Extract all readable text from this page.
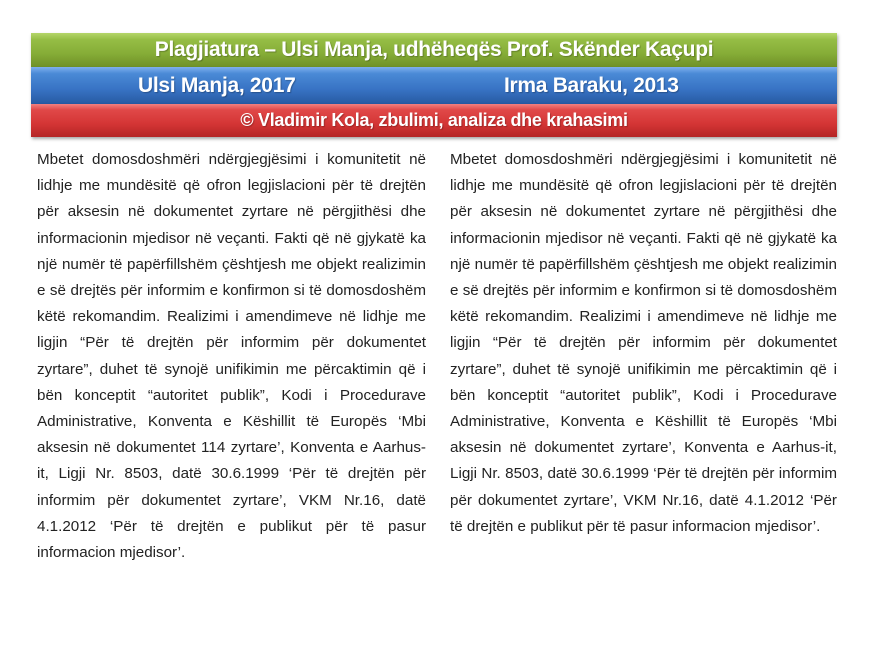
Plagjiatura – Ulsi Manja, udhëheqës Prof. Skënder Kaçupi
Ulsi Manja, 2017	Irma Baraku, 2013
© Vladimir Kola, zbulimi, analiza dhe krahasimi

Mbetet domosdoshmëri ndërgjegjësimi i komunitetit në lidhje me mundësitë që ofron legjislacioni për të drejtën për aksesin në dokumentet zyrtare në përgjithësi dhe informacionin mjedisor në veçanti. Fakti që në gjykatë ka një numër të papërfillshëm çështjesh me objekt realizimin e së drejtës për informim e konfirmon si të domosdoshëm këtë rekomandim. Realizimi i amendimeve në lidhje me ligjin “Për të drejtën për informim për dokumentet zyrtare”, duhet të synojë unifikimin me përcaktimin që i bën konceptit “autoritet publik”, Kodi i Procedurave Administrative, Konventa e Këshillit të Europës ‘Mbi aksesin në dokumentet 114 zyrtare’, Konventa e Aarhus-it, Ligji Nr. 8503, datë 30.6.1999 ‘Për të drejtën për informim për dokumentet zyrtare’, VKM Nr.16, datë 4.1.2012 ‘Për të drejtën e publikut për të pasur informacion mjedisor’.

Mbetet domosdoshmëri ndërgjegjësimi i komunitetit në lidhje me mundësitë që ofron legjislacioni për të drejtën për aksesin në dokumentet zyrtare në përgjithësi dhe informacionin mjedisor në veçanti. Fakti që në gjykatë ka një numër të papërfillshëm çështjesh me objekt realizimin e së drejtës për informim e konfirmon si të domosdoshëm këtë rekomandim. Realizimi i amendimeve në lidhje me ligjin “Për të drejtën për informim për dokumentet zyrtare”, duhet të synojë unifikimin me përcaktimin që i bën konceptit “autoritet publik”, Kodi i Procedurave Administrative, Konventa e Këshillit të Europës ‘Mbi aksesin në dokumentet zyrtare’, Konventa e Aarhus-it, Ligji Nr. 8503, datë 30.6.1999 ‘Për të drejtën për informim për dokumentet zyrtare’, VKM Nr.16, datë 4.1.2012 ‘Për të drejtën e publikut për të pasur informacion mjedisor’.
